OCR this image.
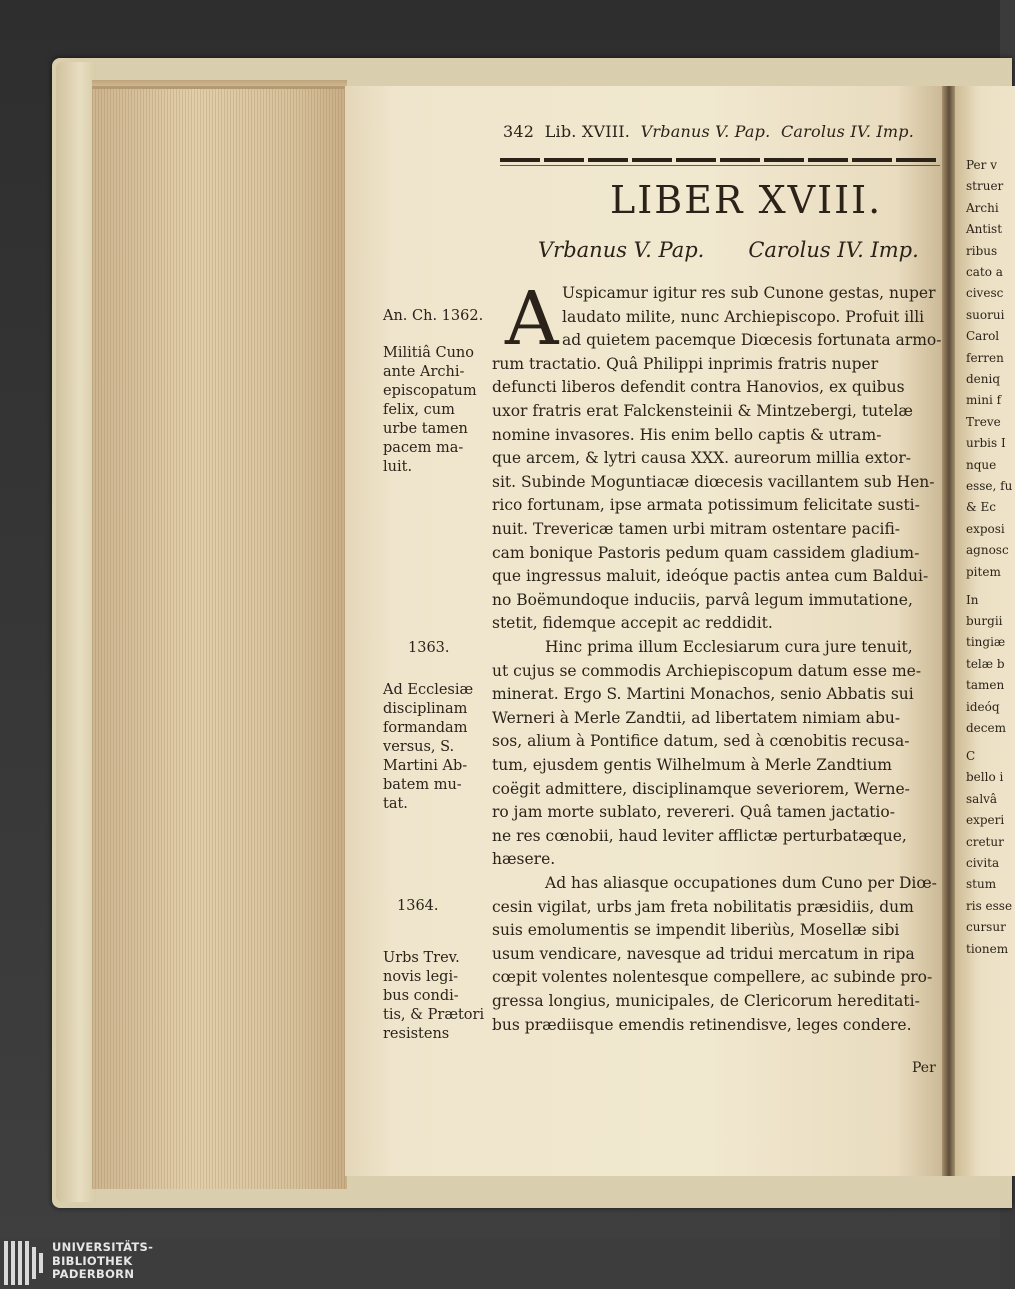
342 Lib. XVIII. Vrbanus V. Pap. Carolus IV. Imp.
LIBER XVIII.
Vrbanus V. Pap. Carolus IV. Imp.
A Uspicamur igitur res sub Cunone gestas, nuper
laudato milite, nunc Archiepiscopo. Profuit illi
ad quietem pacemque Diœcesis fortunata armo-
rum tractatio. Quâ Philippi inprimis fratris nuper
defuncti liberos defendit contra Hanovios, ex quibus
uxor fratris erat Falckensteinii & Mintzebergi, tutelæ
nomine invasores. His enim bello captis & utram-
que arcem, & lytri causa XXX. aureorum millia extor-
sit. Subinde Moguntiacæ diœcesis vacillantem sub Hen-
rico fortunam, ipse armata potissimum felicitate susti-
nuit. Trevericæ tamen urbi mitram ostentare pacifi-
cam bonique Pastoris pedum quam cassidem gladium-
que ingressus maluit, ideóque pactis antea cum Baldui-
no Boëmundoque induciis, parvâ legum immutatione,
stetit, fidemque accepit ac reddidit.
Hinc prima illum Ecclesiarum cura jure tenuit,
ut cujus se commodis Archiepiscopum datum esse me-
minerat. Ergo S. Martini Monachos, senio Abbatis sui
Werneri à Merle Zandtii, ad libertatem nimiam abu-
sos, alium à Pontifice datum, sed à cœnobitis recusa-
tum, ejusdem gentis Wilhelmum à Merle Zandtium
coëgit admittere, disciplinamque severiorem, Werne-
ro jam morte sublato, revereri. Quâ tamen jactatio-
ne res cœnobii, haud leviter afflictæ perturbatæque,
hæsere.
Ad has aliasque occupationes dum Cuno per Diœ-
cesin vigilat, urbs jam freta nobilitatis præsidiis, dum
suis emolumentis se impendit liberiùs, Mosellæ sibi
usum vendicare, navesque ad tridui mercatum in ripa
cœpit volentes nolentesque compellere, ac subinde pro-
gressa longius, municipales, de Clericorum hereditati-
bus prædiisque emendis retinendisve, leges condere.
An. Ch. 1362.
Militiâ Cuno
ante Archi-
episcopatum
felix, cum
urbe tamen
pacem ma-
luit.
1363.
Ad Ecclesiæ
disciplinam
formandam
versus, S.
Martini Ab-
batem mu-
tat.
1364.
Urbs Trev.
novis legi-
bus condi-
tis, & Prætori
resistens
Per v
struer
Archi
Antist
ribus
cato a
civesc
suorui
Carol
ferren
deniq
mini f
Treve
urbis I
nque
esse, fu
& Ec
exposi
agnosc
pitem
In
burgii
tingiæ
telæ b
tamen
ideóq
decem
C
bello i
salvâ
experi
cretur
civita
stum
ris esse
cursur
tionem
Per
UNIVERSITÄTS-
BIBLIOTHEK
PADERBORN
